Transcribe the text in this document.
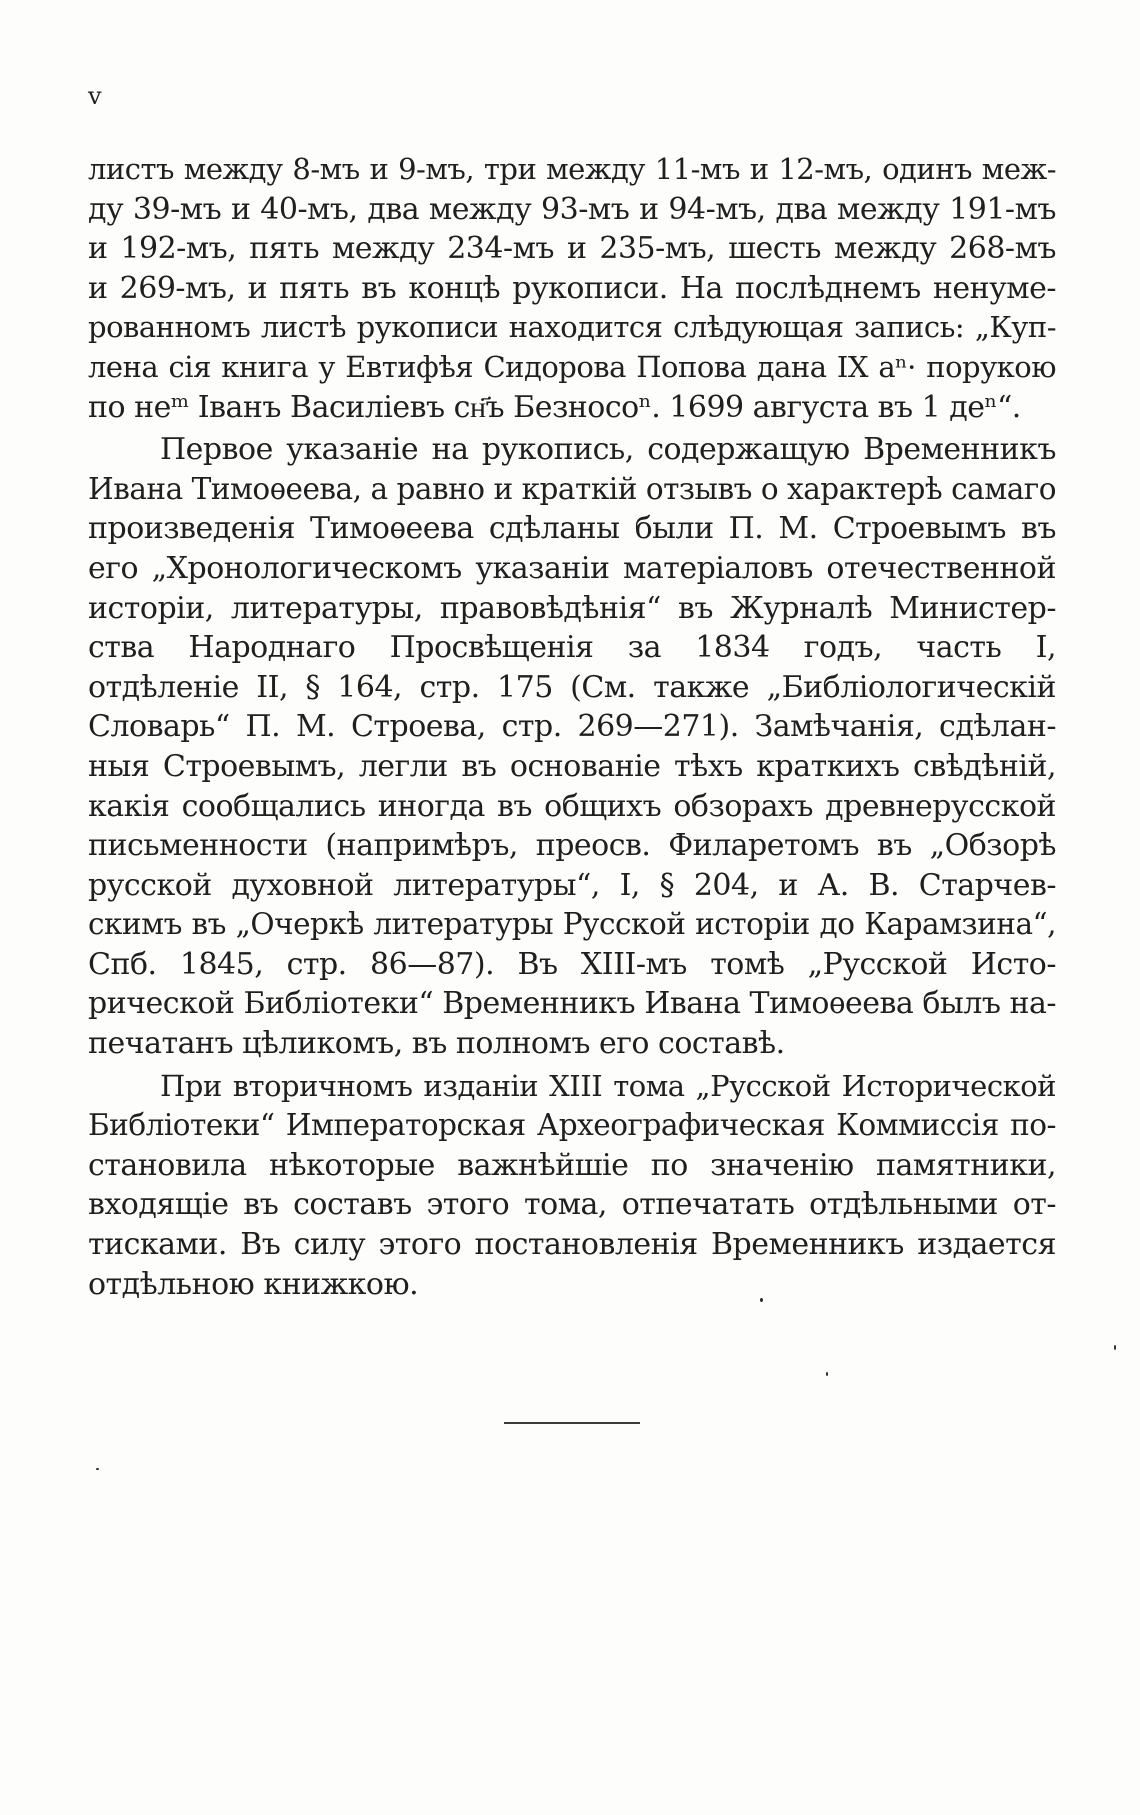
v
листъ между 8-мъ и 9-мъ, три между 11-мъ и 12-мъ, одинъ меж-
ду 39-мъ и 40-мъ, два между 93-мъ и 94-мъ, два между 191-мъ
и 192-мъ, пять между 234-мъ и 235-мъ, шесть между 268-мъ
и 269-мъ, и пять въ концѣ рукописи. На послѣднемъ ненуме-
рованномъ листѣ рукописи находится слѣдующая запись: „Куп-
лена сія книга у Евтифѣя Сидорова Попова дана IX аⁿ· порукою
по неᵐ Іванъ Василіевъ сн҃ъ Безносоⁿ. 1699 августа въ 1 деⁿ“.
Первое указаніе на рукопись, содержащую Временникъ
Ивана Тимоѳеева, а равно и краткій отзывъ о характерѣ самаго
произведенія Тимоѳеева сдѣланы были П. М. Строевымъ въ
его „Хронологическомъ указаніи матеріаловъ отечественной
исторіи, литературы, правовѣдѣнія“ въ Журналѣ Министер-
ства Народнаго Просвѣщенія за 1834 годъ, часть I,
отдѣленіе II, § 164, стр. 175 (См. также „Библіологическій
Словарь“ П. М. Строева, стр. 269—271). Замѣчанія, сдѣлан-
ныя Строевымъ, легли въ основаніе тѣхъ краткихъ свѣдѣній,
какія сообщались иногда въ общихъ обзорахъ древнерусской
письменности (напримѣръ, преосв. Филаретомъ въ „Обзорѣ
русской духовной литературы“, I, § 204, и А. В. Старчев-
скимъ въ „Очеркѣ литературы Русской исторіи до Карамзина“,
Спб. 1845, стр. 86—87). Въ XIII-мъ томѣ „Русской Исто-
рической Библіотеки“ Временникъ Ивана Тимоѳеева былъ на-
печатанъ цѣликомъ, въ полномъ его составѣ.
При вторичномъ изданіи XIII тома „Русской Исторической
Библіотеки“ Императорская Археографическая Коммиссія по-
становила нѣкоторые важнѣйшіе по значенію памятники,
входящіе въ составъ этого тома, отпечатать отдѣльными от-
тисками. Въ силу этого постановленія Временникъ издается
отдѣльною книжкою.
